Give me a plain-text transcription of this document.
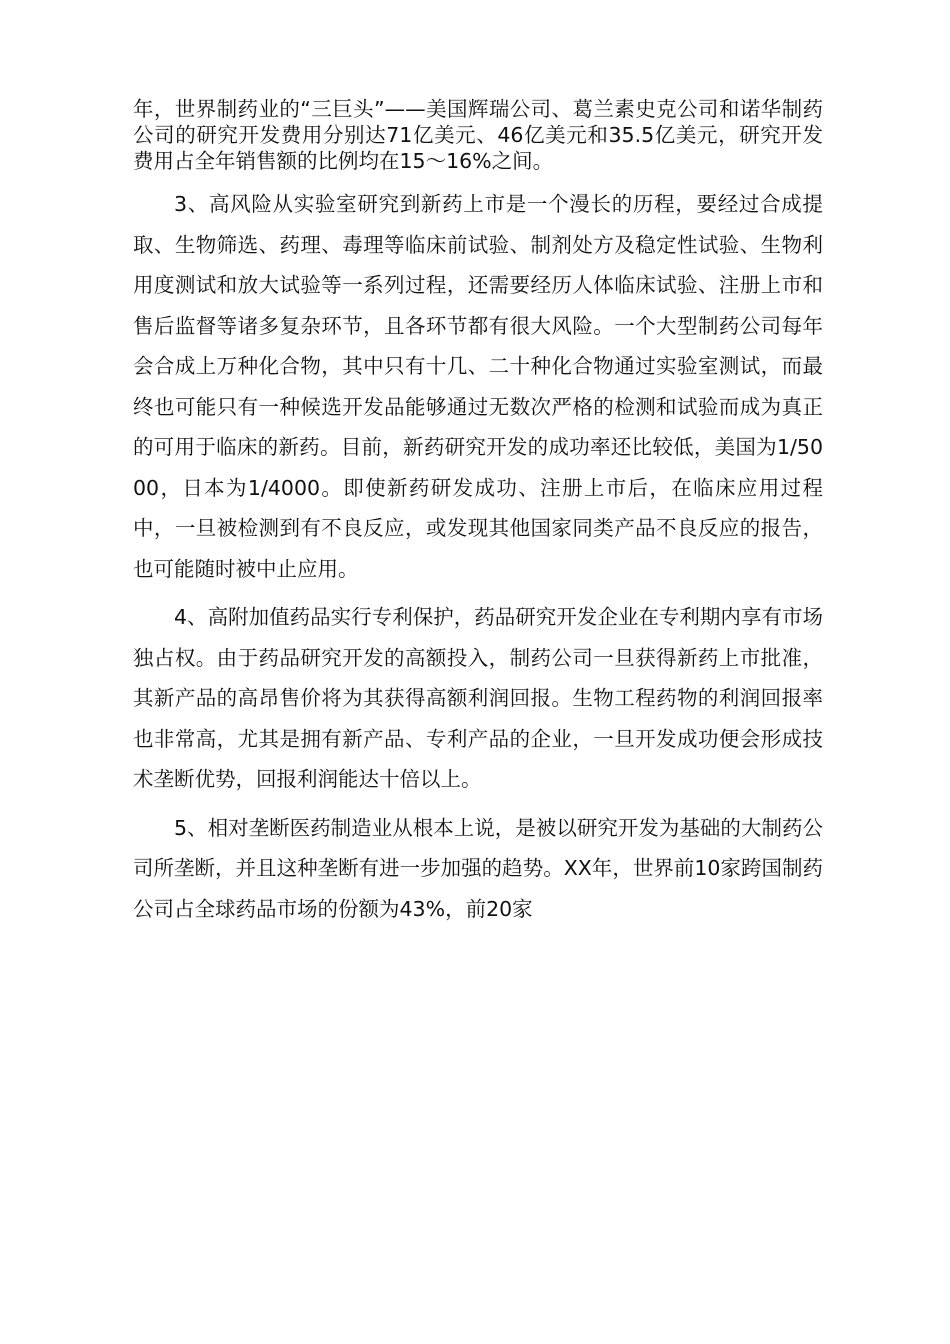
年，世界制药业的“三巨头”——美国辉瑞公司、葛兰素史克公司和诺华制药公司的研究开发费用分别达71亿美元、46亿美元和35.5亿美元，研究开发费用占全年销售额的比例均在15～16%之间。

3、高风险从实验室研究到新药上市是一个漫长的历程，要经过合成提取、生物筛选、药理、毒理等临床前试验、制剂处方及稳定性试验、生物利用度测试和放大试验等一系列过程，还需要经历人体临床试验、注册上市和售后监督等诸多复杂环节，且各环节都有很大风险。一个大型制药公司每年会合成上万种化合物，其中只有十几、二十种化合物通过实验室测试，而最终也可能只有一种候选开发品能够通过无数次严格的检测和试验而成为真正的可用于临床的新药。目前，新药研究开发的成功率还比较低，美国为1/5000，日本为1/4000。即使新药研发成功、注册上市后，在临床应用过程中，一旦被检测到有不良反应，或发现其他国家同类产品不良反应的报告，也可能随时被中止应用。

4、高附加值药品实行专利保护，药品研究开发企业在专利期内享有市场独占权。由于药品研究开发的高额投入，制药公司一旦获得新药上市批准，其新产品的高昂售价将为其获得高额利润回报。生物工程药物的利润回报率也非常高，尤其是拥有新产品、专利产品的企业，一旦开发成功便会形成技术垄断优势，回报利润能达十倍以上。

5、相对垄断医药制造业从根本上说，是被以研究开发为基础的大制药公司所垄断，并且这种垄断有进一步加强的趋势。XX年，世界前10家跨国制药公司占全球药品市场的份额为43%，前20家
